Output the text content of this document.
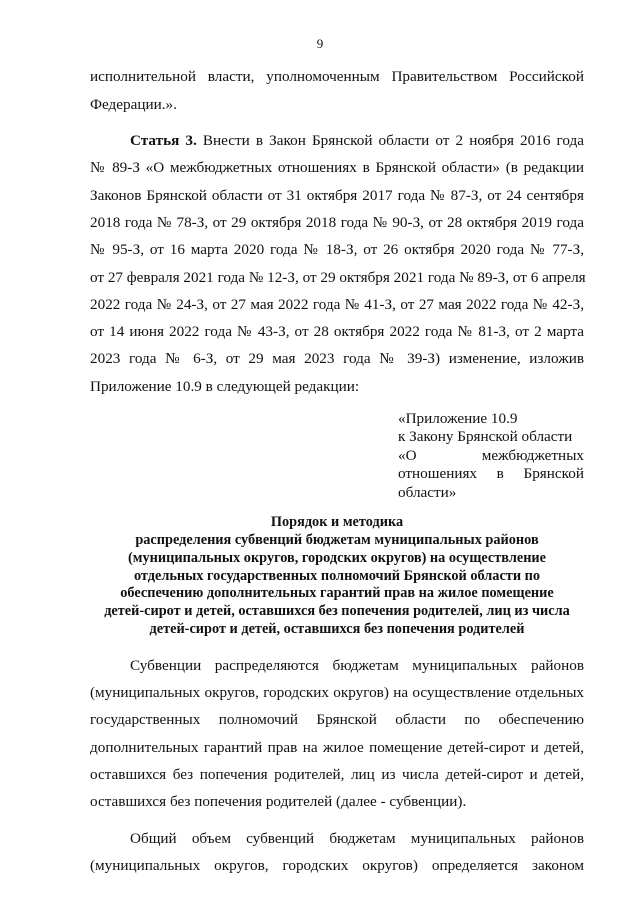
9
исполнительной власти, уполномоченным Правительством Российской
Федерации.».
Статья 3. Внести в Закон Брянской области от 2 ноября 2016 года
№ 89-З «О межбюджетных отношениях в Брянской области» (в редакции
Законов Брянской области от 31 октября 2017 года № 87-З, от 24 сентября
2018 года № 78-З, от 29 октября 2018 года № 90-З, от 28 октября 2019 года
№ 95-З, от 16 марта 2020 года № 18-З, от 26 октября 2020 года № 77-З,
от 27 февраля 2021 года № 12-З, от 29 октября 2021 года № 89-З, от 6 апреля
2022 года № 24-З, от 27 мая 2022 года № 41-З, от 27 мая 2022 года № 42-З,
от 14 июня 2022 года № 43-З, от 28 октября 2022 года № 81-З, от 2 марта
2023 года № 6-З, от 29 мая 2023 года № 39-З) изменение, изложив
Приложение 10.9 в следующей редакции:
«Приложение 10.9
к Закону Брянской области
«О межбюджетных
отношениях в Брянской
области»
Порядок и методика
распределения субвенций бюджетам муниципальных районов
(муниципальных округов, городских округов) на осуществление
отдельных государственных полномочий Брянской области по
обеспечению дополнительных гарантий прав на жилое помещение
детей-сирот и детей, оставшихся без попечения родителей, лиц из числа
детей-сирот и детей, оставшихся без попечения родителей
Субвенции распределяются бюджетам муниципальных районов
(муниципальных округов, городских округов) на осуществление отдельных
государственных полномочий Брянской области по обеспечению
дополнительных гарантий прав на жилое помещение детей-сирот и детей,
оставшихся без попечения родителей, лиц из числа детей-сирот и детей,
оставшихся без попечения родителей (далее - субвенции).
Общий объем субвенций бюджетам муниципальных районов
(муниципальных округов, городских округов) определяется законом
